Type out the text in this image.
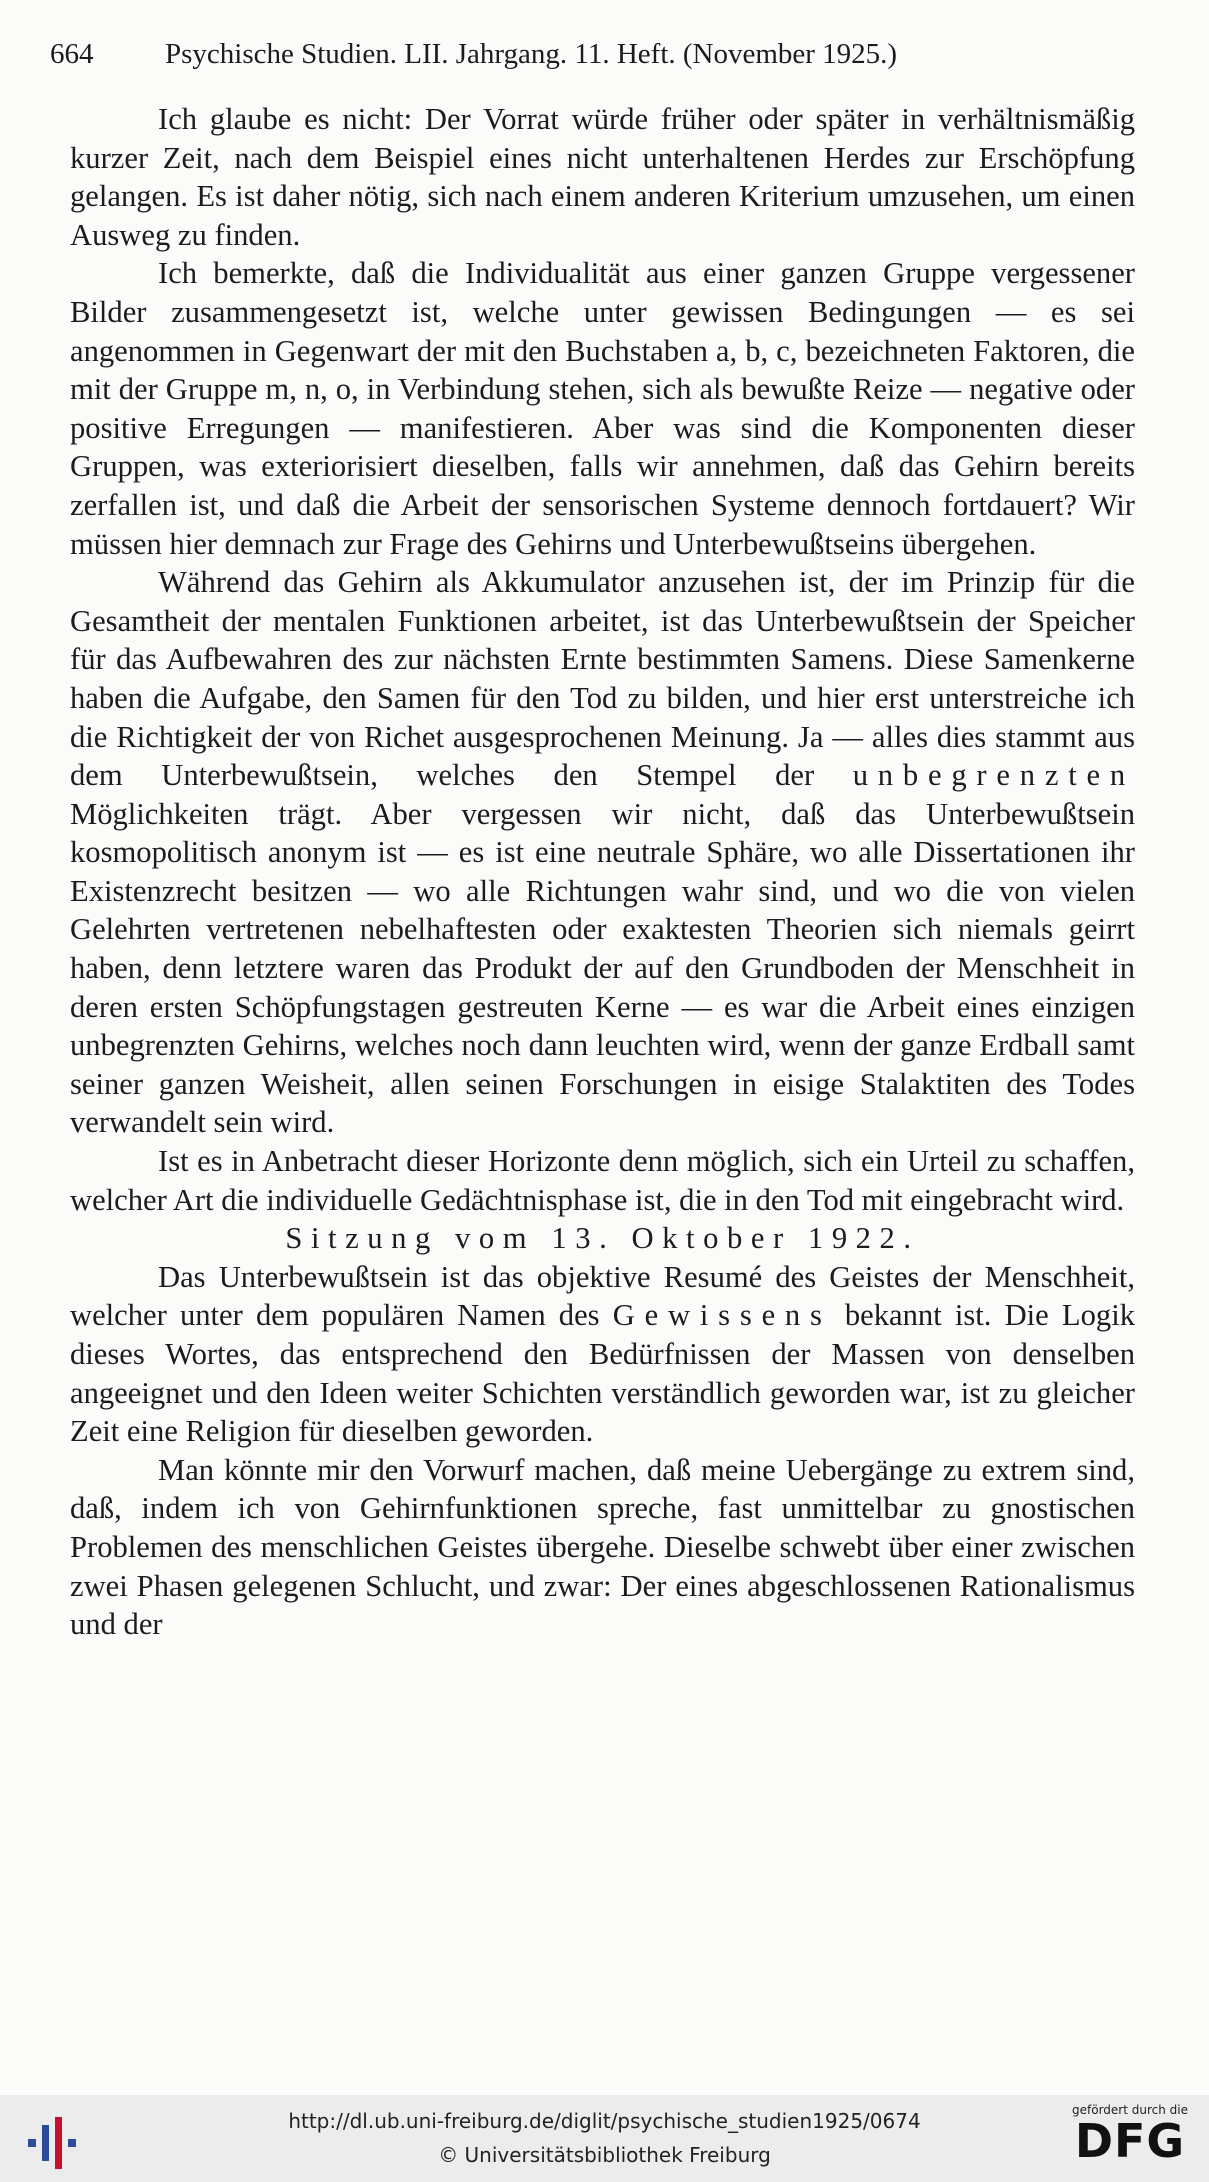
664 Psychische Studien. LII. Jahrgang. 11. Heft. (November 1925.)

Ich glaube es nicht: Der Vorrat würde früher oder später in verhältnismäßig kurzer Zeit, nach dem Beispiel eines nicht unterhaltenen Herdes zur Erschöpfung gelangen. Es ist daher nötig, sich nach einem anderen Kriterium umzusehen, um einen Ausweg zu finden.

Ich bemerkte, daß die Individualität aus einer ganzen Gruppe vergessener Bilder zusammengesetzt ist, welche unter gewissen Bedingungen — es sei angenommen in Gegenwart der mit den Buchstaben a, b, c, bezeichneten Faktoren, die mit der Gruppe m, n, o, in Verbindung stehen, sich als bewußte Reize — negative oder positive Erregungen — manifestieren. Aber was sind die Komponenten dieser Gruppen, was exteriorisiert dieselben, falls wir annehmen, daß das Gehirn bereits zerfallen ist, und daß die Arbeit der sensorischen Systeme dennoch fortdauert? Wir müssen hier demnach zur Frage des Gehirns und Unterbewußtseins übergehen.

Während das Gehirn als Akkumulator anzusehen ist, der im Prinzip für die Gesamtheit der mentalen Funktionen arbeitet, ist das Unterbewußtsein der Speicher für das Aufbewahren des zur nächsten Ernte bestimmten Samens. Diese Samenkerne haben die Aufgabe, den Samen für den Tod zu bilden, und hier erst unterstreiche ich die Richtigkeit der von Richet ausgesprochenen Meinung. Ja — alles dies stammt aus dem Unterbewußtsein, welches den Stempel der unbegrenzten Möglichkeiten trägt. Aber vergessen wir nicht, daß das Unterbewußtsein kosmopolitisch anonym ist — es ist eine neutrale Sphäre, wo alle Dissertationen ihr Existenzrecht besitzen — wo alle Richtungen wahr sind, und wo die von vielen Gelehrten vertretenen nebelhaftesten oder exaktesten Theorien sich niemals geirrt haben, denn letztere waren das Produkt der auf den Grundboden der Menschheit in deren ersten Schöpfungstagen gestreuten Kerne — es war die Arbeit eines einzigen unbegrenzten Gehirns, welches noch dann leuchten wird, wenn der ganze Erdball samt seiner ganzen Weisheit, allen seinen Forschungen in eisige Stalaktiten des Todes verwandelt sein wird.

Ist es in Anbetracht dieser Horizonte denn möglich, sich ein Urteil zu schaffen, welcher Art die individuelle Gedächtnisphase ist, die in den Tod mit eingebracht wird.

Sitzung vom 13. Oktober 1922.

Das Unterbewußtsein ist das objektive Resumé des Geistes der Menschheit, welcher unter dem populären Namen des Gewissens bekannt ist. Die Logik dieses Wortes, das entsprechend den Bedürfnissen der Massen von denselben angeeignet und den Ideen weiter Schichten verständlich geworden war, ist zu gleicher Zeit eine Religion für dieselben geworden.

Man könnte mir den Vorwurf machen, daß meine Uebergänge zu extrem sind, daß, indem ich von Gehirnfunktionen spreche, fast unmittelbar zu gnostischen Problemen des menschlichen Geistes übergehe. Dieselbe schwebt über einer zwischen zwei Phasen gelegenen Schlucht, und zwar: Der eines abgeschlossenen Rationalismus und der

http://dl.ub.uni-freiburg.de/diglit/psychische_studien1925/0674
© Universitätsbibliothek Freiburg
gefördert durch die
DFG
